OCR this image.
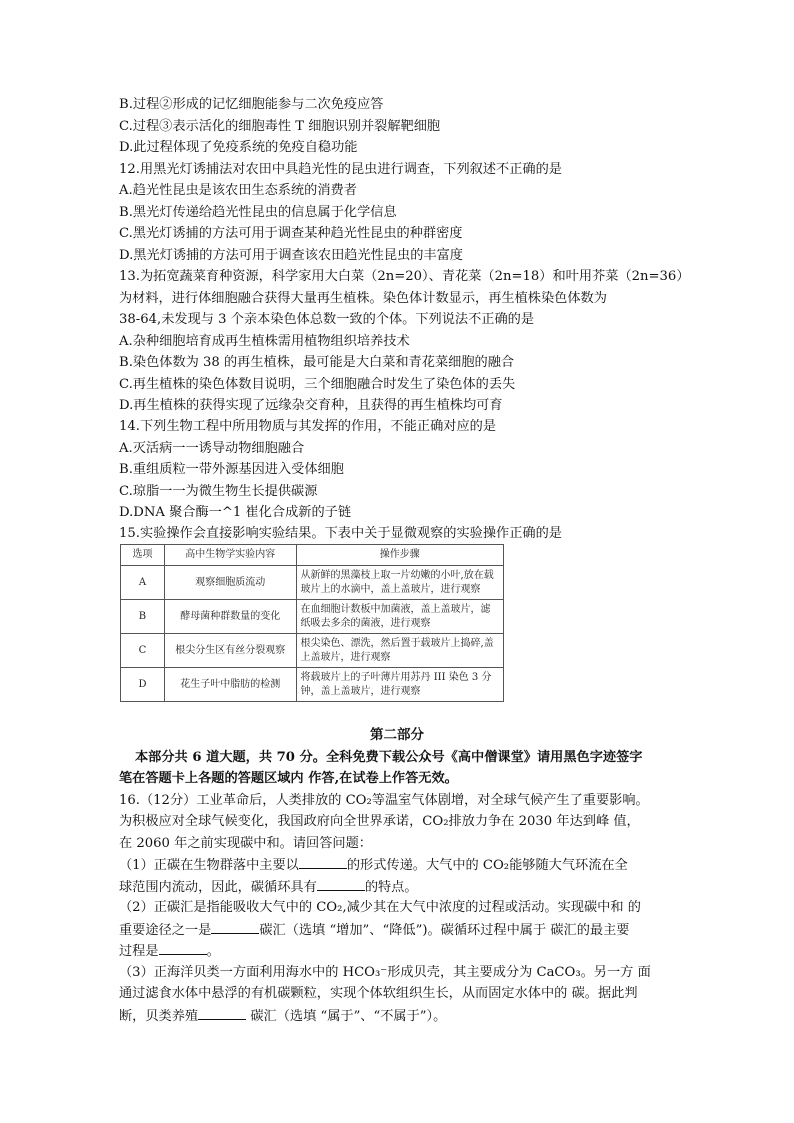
B.过程②形成的记忆细胞能参与二次免疫应答
C.过程③表示活化的细胞毒性 T 细胞识别并裂解靶细胞
D.此过程体现了免疫系统的免疫自稳功能
12.用黑光灯诱捕法对农田中具趋光性的昆虫进行调查，下列叙述不正确的是
A.趋光性昆虫是该农田生态系统的消费者
B.黑光灯传递给趋光性昆虫的信息属于化学信息
C.黑光灯诱捕的方法可用于调查某种趋光性昆虫的种群密度
D.黑光灯诱捕的方法可用于调查该农田趋光性昆虫的丰富度
13.为拓宽蔬菜育种资源，科学家用大白菜（2n=20）、青花菜（2n=18）和叶用芥菜（2n=36）
为材料，进行体细胞融合获得大量再生植株。染色体计数显示，再生植株染色体数为
38-64,未发现与 3 个亲本染色体总数一致的个体。下列说法不正确的是
A.杂种细胞培育成再生植株需用植物组织培养技术
B.染色体数为 38 的再生植株，最可能是大白菜和青花菜细胞的融合
C.再生植株的染色体数目说明，三个细胞融合时发生了染色体的丢失
D.再生植株的获得实现了远缘杂交育种，且获得的再生植株均可育
14.下列生物工程中所用物质与其发挥的作用，不能正确对应的是
A.灭活病一一诱导动物细胞融合
B.重组质粒一带外源基因进入受体细胞
C.琼脂一一为微生物生长提供碳源
D.DNA 聚合酶一^1 崔化合成新的子链
15.实验操作会直接影响实验结果。下表中关于显微观察的实验操作正确的是
选项	高中生物学实验内容	操作步骤
A	观察细胞质流动	从新鲜的黑藻枝上取一片幼嫩的小叶,放在载玻片上的水滴中，盖上盖玻片，进行观察
B	酵母菌种群数量的变化	在血细胞计数板中加菌液，盖上盖玻片，滤纸吸去多余的菌液，进行观察
C	根尖分生区有丝分裂观察	根尖染色、漂洗，然后置于载玻片上捣碎,盖上盖玻片，进行观察
D	花生子叶中脂肪的检测	将载玻片上的子叶薄片用苏丹 III 染色 3 分钟，盖上盖玻片，进行观察
第二部分
本部分共 6 道大题，共 70 分。全科免费下载公众号《高中僧课堂》请用黑色字迹签字
笔在答题卡上各题的答题区域内 作答,在试卷上作答无效。
16.（12分）工业革命后，人类排放的 CO₂等温室气体剧增，对全球气候产生了重要影响。
为积极应对全球气候变化，我国政府向全世界承诺，CO₂排放力争在 2030 年达到峰 值，
在 2060 年之前实现碳中和。请回答问题：
（1）正碳在生物群落中主要以	的形式传递。大气中的 CO₂能够随大气环流在全
球范围内流动，因此，碳循环具有	的特点。
（2）正碳汇是指能吸收大气中的 CO₂,减少其在大气中浓度的过程或活动。实现碳中和 的
重要途径之一是	碳汇（选填 “增加”、“降低”)。碳循环过程中属于 碳汇的最主要
过程是	。
（3）正海洋贝类一方面利用海水中的 HCO₃⁻形成贝壳，其主要成分为 CaCO₃。另一方 面
通过滤食水体中悬浮的有机碳颗粒，实现个体软组织生长，从而固定水体中的 碳。据此判
断，贝类养殖	碳汇（选填 “属于”、“不属于”）。
